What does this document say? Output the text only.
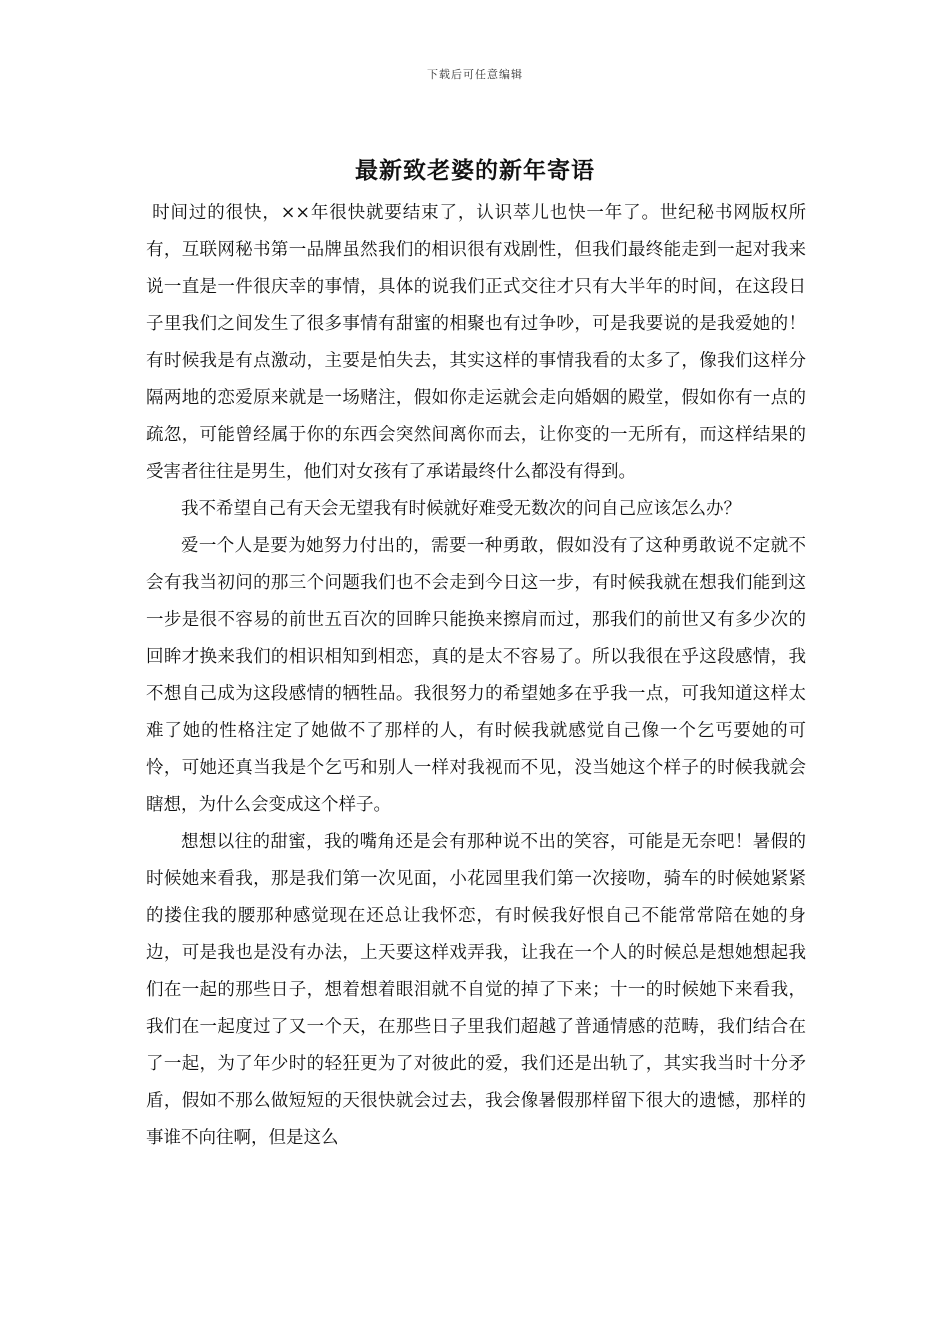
下载后可任意编辑
最新致老婆的新年寄语

时间过的很快，××年很快就要结束了，认识萃儿也快一年了。世纪秘书网版权所有，互联网秘书第一品牌虽然我们的相识很有戏剧性，但我们最终能走到一起对我来说一直是一件很庆幸的事情，具体的说我们正式交往才只有大半年的时间，在这段日子里我们之间发生了很多事情有甜蜜的相聚也有过争吵，可是我要说的是我爱她的！有时候我是有点激动，主要是怕失去，其实这样的事情我看的太多了，像我们这样分隔两地的恋爱原来就是一场赌注，假如你走运就会走向婚姻的殿堂，假如你有一点的疏忽，可能曾经属于你的东西会突然间离你而去，让你变的一无所有，而这样结果的受害者往往是男生，他们对女孩有了承诺最终什么都没有得到。

我不希望自己有天会无望我有时候就好难受无数次的问自己应该怎么办？

爱一个人是要为她努力付出的，需要一种勇敢，假如没有了这种勇敢说不定就不会有我当初问的那三个问题我们也不会走到今日这一步，有时候我就在想我们能到这一步是很不容易的前世五百次的回眸只能换来擦肩而过，那我们的前世又有多少次的回眸才换来我们的相识相知到相恋，真的是太不容易了。所以我很在乎这段感情，我不想自己成为这段感情的牺牲品。我很努力的希望她多在乎我一点，可我知道这样太难了她的性格注定了她做不了那样的人，有时候我就感觉自己像一个乞丐要她的可怜，可她还真当我是个乞丐和别人一样对我视而不见，没当她这个样子的时候我就会瞎想，为什么会变成这个样子。

想想以往的甜蜜，我的嘴角还是会有那种说不出的笑容，可能是无奈吧！暑假的时候她来看我，那是我们第一次见面，小花园里我们第一次接吻，骑车的时候她紧紧的搂住我的腰那种感觉现在还总让我怀恋，有时候我好恨自己不能常常陪在她的身边，可是我也是没有办法，上天要这样戏弄我，让我在一个人的时候总是想她想起我们在一起的那些日子，想着想着眼泪就不自觉的掉了下来；十一的时候她下来看我，我们在一起度过了又一个天，在那些日子里我们超越了普通情感的范畴，我们结合在了一起，为了年少时的轻狂更为了对彼此的爱，我们还是出轨了，其实我当时十分矛盾，假如不那么做短短的天很快就会过去，我会像暑假那样留下很大的遗憾，那样的事谁不向往啊，但是这么
